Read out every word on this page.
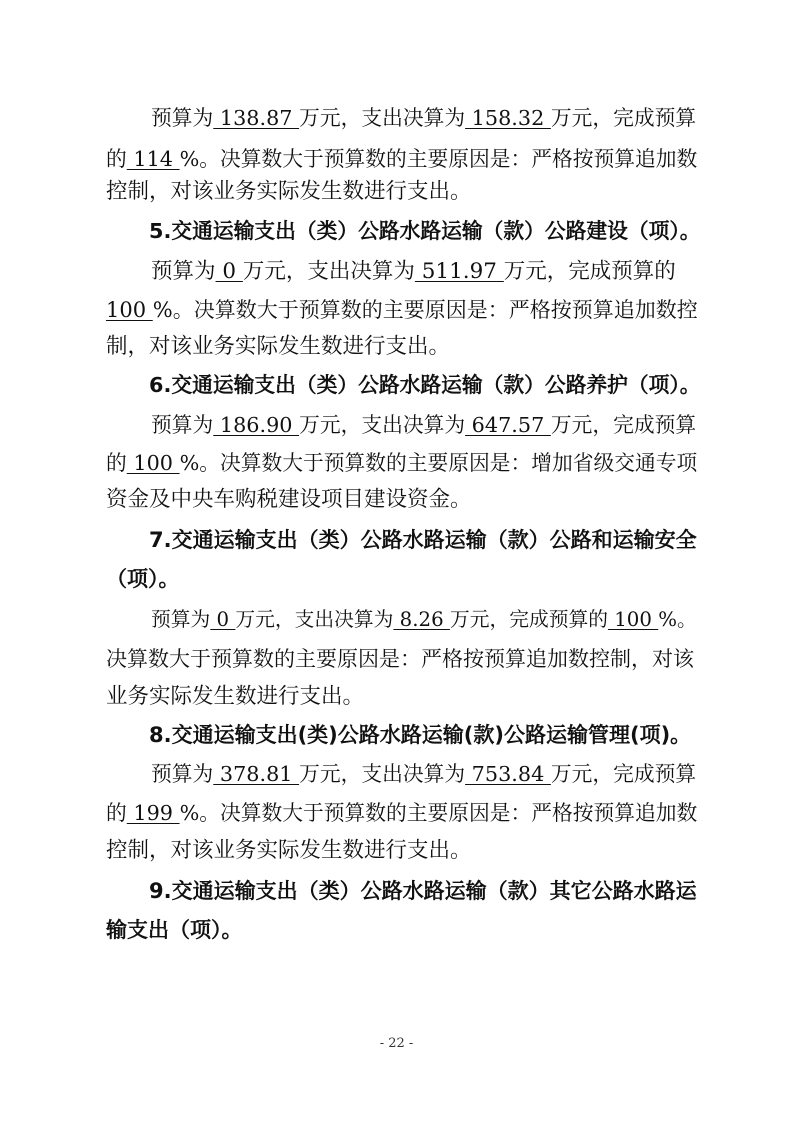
预算为 138.87 万元，支出决算为 158.32 万元，完成预算
的 114 %。决算数大于预算数的主要原因是：严格按预算追加数
控制，对该业务实际发生数进行支出。
5.交通运输支出（类）公路水路运输（款）公路建设（项）。
预算为 0 万元，支出决算为 511.97 万元，完成预算的
100 %。决算数大于预算数的主要原因是：严格按预算追加数控
制，对该业务实际发生数进行支出。
6.交通运输支出（类）公路水路运输（款）公路养护（项）。
预算为 186.90 万元，支出决算为 647.57 万元，完成预算
的 100 %。决算数大于预算数的主要原因是：增加省级交通专项
资金及中央车购税建设项目建设资金。
7.交通运输支出（类）公路水路运输（款）公路和运输安全
（项）。
预算为 0 万元，支出决算为 8.26 万元，完成预算的 100 %。
决算数大于预算数的主要原因是：严格按预算追加数控制，对该
业务实际发生数进行支出。
8.交通运输支出(类)公路水路运输(款)公路运输管理(项)。
预算为 378.81 万元，支出决算为 753.84 万元，完成预算
的 199 %。决算数大于预算数的主要原因是：严格按预算追加数
控制，对该业务实际发生数进行支出。
9.交通运输支出（类）公路水路运输（款）其它公路水路运
输支出（项）。
- 22 -
